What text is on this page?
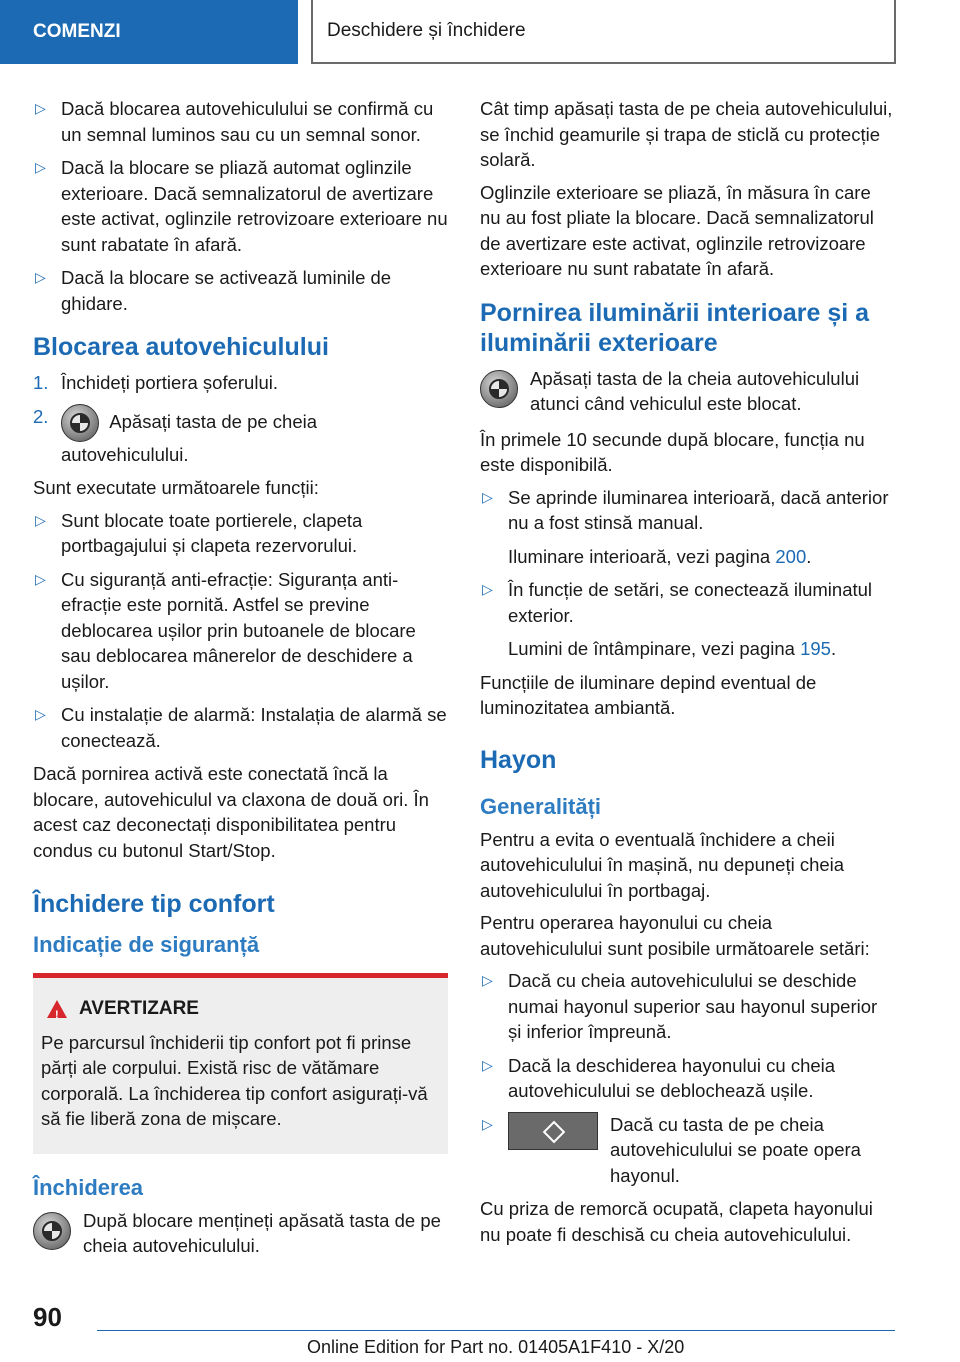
COMENZI	Deschidere și închidere
▷ Dacă blocarea autovehiculului se confirmă cu un semnal luminos sau cu un semnal sonor.
▷ Dacă la blocare se pliază automat oglinzile exterioare. Dacă semnalizatorul de avertizare este activat, oglinzile retrovizoare exterioare nu sunt rabatate în afară.
▷ Dacă la blocare se activează luminile de ghidare.
Blocarea autovehiculului
1. Închideți portiera șoferului.
2.	Apăsați tasta de pe cheia autovehiculului.

Sunt executate următoarele funcții:

▷ Sunt blocate toate portierele, clapeta portbagajului și clapeta rezervorului.
▷ Cu siguranță anti-efracție: Siguranța anti-efracție este pornită. Astfel se previne deblocarea ușilor prin butoanele de blocare sau deblocarea mânerelor de deschidere a ușilor.
▷ Cu instalație de alarmă: Instalația de alarmă se conectează.

Dacă pornirea activă este conectată încă la blocare, autovehiculul va claxona de două ori. În acest caz deconectați disponibilitatea pentru condus cu butonul Start/Stop.

Închidere tip confort
Indicație de siguranță
!
AVERTIZARE
Pe parcursul închiderii tip confort pot fi prinse părți ale corpului. Există risc de vătămare corporală. La închiderea tip confort asigurați-vă să fie liberă zona de mișcare.
Închiderea
După blocare mențineți apăsată tasta de pe cheia autovehiculului.

Cât timp apăsați tasta de pe cheia autovehiculului, se închid geamurile și trapa de sticlă cu protecție solară.

Oglinzile exterioare se pliază, în măsura în care nu au fost pliate la blocare. Dacă semnalizatorul de avertizare este activat, oglinzile retrovizoare exterioare nu sunt rabatate în afară.

Pornirea iluminării interioare și a iluminării exterioare
Apăsați tasta de la cheia autovehiculului atunci când vehiculul este blocat.

În primele 10 secunde după blocare, funcția nu este disponibilă.

▷ Se aprinde iluminarea interioară, dacă anterior nu a fost stinsă manual.
Iluminare interioară, vezi pagina 200.
▷ În funcție de setări, se conectează iluminatul exterior.
Lumini de întâmpinare, vezi pagina 195.

Funcțiile de iluminare depind eventual de luminozitatea ambiantă.

Hayon
Generalități

Pentru a evita o eventuală închidere a cheii autovehiculului în mașină, nu depuneți cheia autovehiculului în portbagaj.

Pentru operarea hayonului cu cheia autovehiculului sunt posibile următoarele setări:

▷ Dacă cu cheia autovehiculului se deschide numai hayonul superior sau hayonul superior și inferior împreună.
▷ Dacă la deschiderea hayonului cu cheia autovehiculului se deblochează ușile.
▷	Dacă cu tasta de pe cheia autovehiculului se poate opera hayonul.

Cu priza de remorcă ocupată, clapeta hayonului nu poate fi deschisă cu cheia autovehiculului.

90
Online Edition for Part no. 01405A1F410 - X/20
